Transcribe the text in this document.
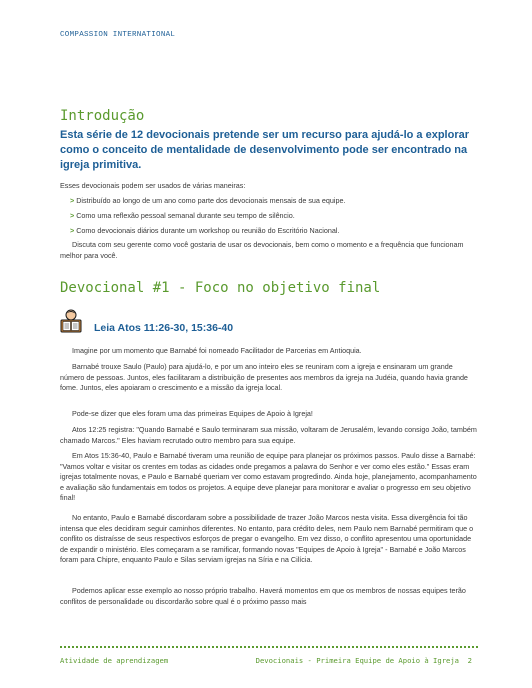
COMPASSION INTERNATIONAL
Introdução
Esta série de 12 devocionais pretende ser um recurso para ajudá-lo a explorar como o conceito de mentalidade de desenvolvimento pode ser encontrado na igreja primitiva.
Esses devocionais podem ser usados de várias maneiras:
> Distribuído ao longo de um ano como parte dos devocionais mensais de sua equipe.
> Como uma reflexão pessoal semanal durante seu tempo de silêncio.
> Como devocionais diários durante um workshop ou reunião do Escritório Nacional.
Discuta com seu gerente como você gostaria de usar os devocionais, bem como o momento e a frequência que funcionam melhor para você.
Devocional #1 - Foco no objetivo final
Leia Atos 11:26-30, 15:36-40
Imagine por um momento que Barnabé foi nomeado Facilitador de Parcerias em Antioquia.
Barnabé trouxe Saulo (Paulo) para ajudá-lo, e por um ano inteiro eles se reuniram com a igreja e ensinaram um grande número de pessoas. Juntos, eles facilitaram a distribuição de presentes aos membros da igreja na Judéia, quando havia grande fome. Juntos, eles apoiaram o crescimento e a missão da igreja local.
Pode-se dizer que eles foram uma das primeiras Equipes de Apoio à Igreja!
Atos 12:25 registra: "Quando Barnabé e Saulo terminaram sua missão, voltaram de Jerusalém, levando consigo João, também chamado Marcos." Eles haviam recrutado outro membro para sua equipe.
Em Atos 15:36-40, Paulo e Barnabé tiveram uma reunião de equipe para planejar os próximos passos. Paulo disse a Barnabé: "Vamos voltar e visitar os crentes em todas as cidades onde pregamos a palavra do Senhor e ver como eles estão." Essas eram igrejas totalmente novas, e Paulo e Barnabé queriam ver como estavam progredindo. Ainda hoje, planejamento, acompanhamento e avaliação são fundamentais em todos os projetos. A equipe deve planejar para monitorar e avaliar o progresso em seu objetivo final!
No entanto, Paulo e Barnabé discordaram sobre a possibilidade de trazer João Marcos nesta visita. Essa divergência foi tão intensa que eles decidiram seguir caminhos diferentes. No entanto, para crédito deles, nem Paulo nem Barnabé permitiram que o conflito os distraísse de seus respectivos esforços de pregar o evangelho. Em vez disso, o conflito apresentou uma oportunidade de expandir o ministério. Eles começaram a se ramificar, formando novas "Equipes de Apoio à Igreja" - Barnabé e João Marcos foram para Chipre, enquanto Paulo e Silas serviam igrejas na Síria e na Cilícia.
Podemos aplicar esse exemplo ao nosso próprio trabalho. Haverá momentos em que os membros de nossas equipes terão conflitos de personalidade ou discordarão sobre qual é o próximo passo mais
Atividade de aprendizagem	Devocionais - Primeira Equipe de Apoio à Igreja 2
